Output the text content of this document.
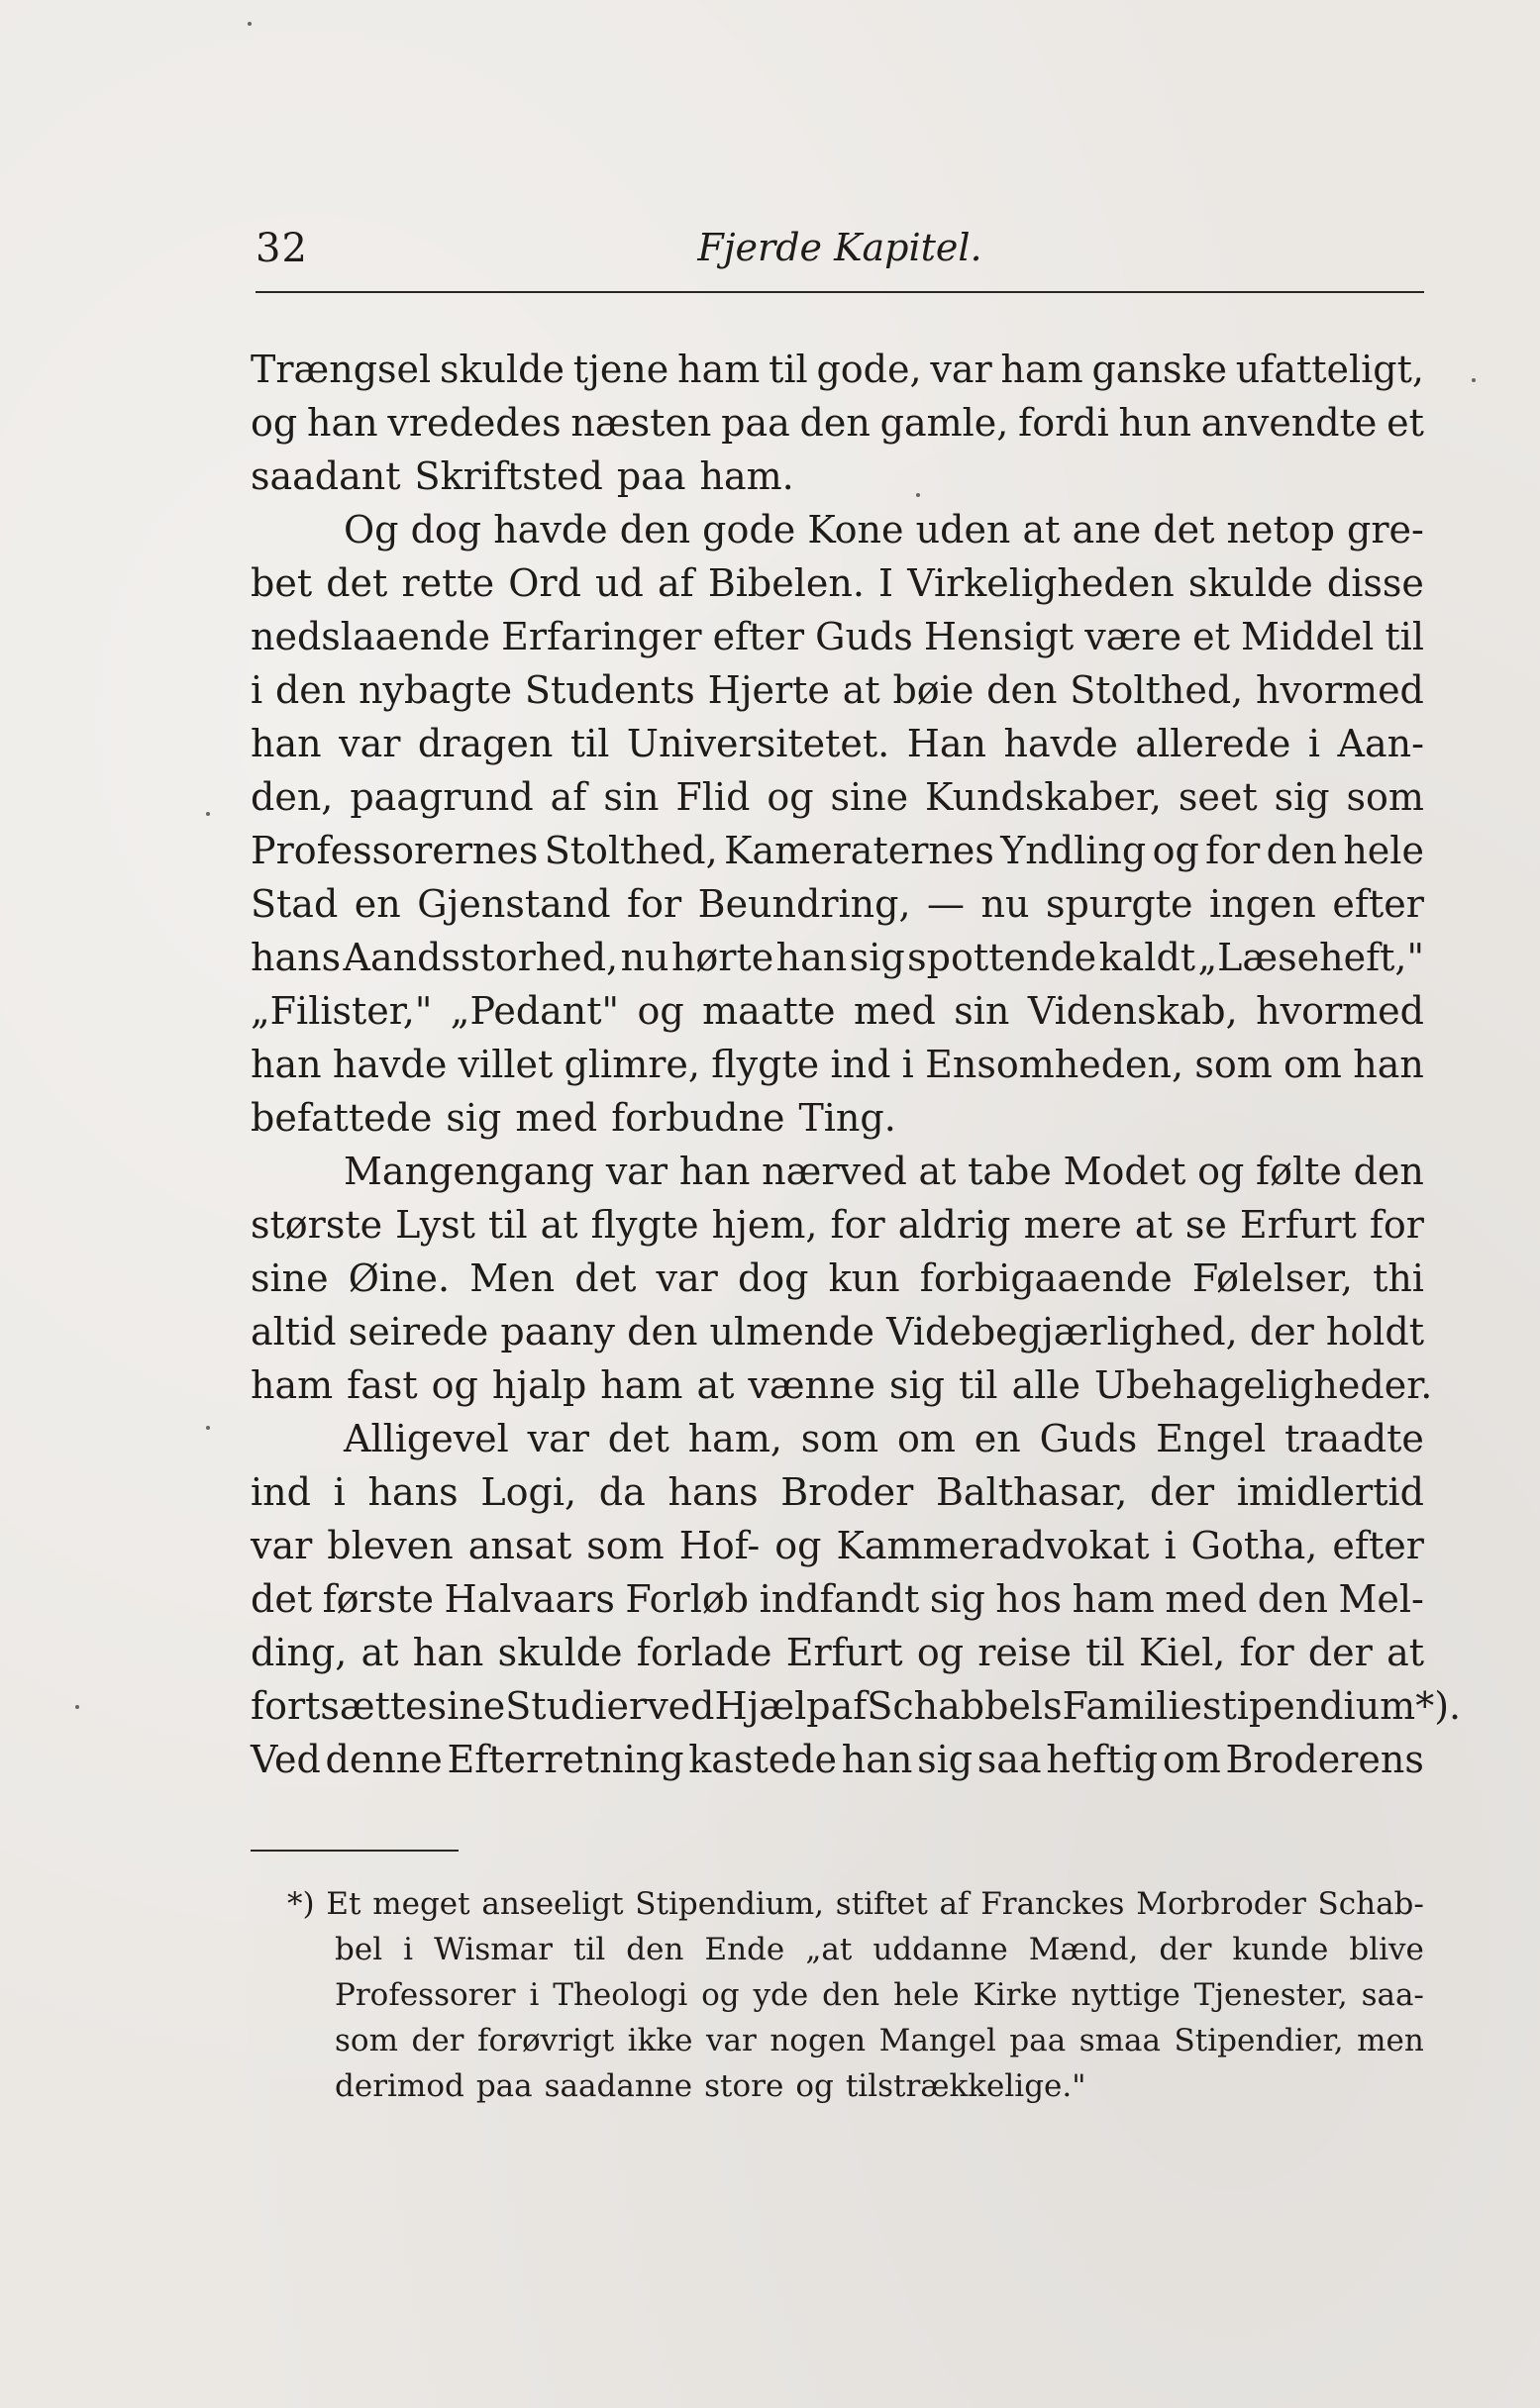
32	Fjerde Kapitel.
Trængsel skulde tjene ham til gode, var ham ganske ufatteligt,
og han vrededes næsten paa den gamle, fordi hun anvendte et
saadant Skriftsted paa ham.
Og dog havde den gode Kone uden at ane det netop gre-
bet det rette Ord ud af Bibelen. I Virkeligheden skulde disse
nedslaaende Erfaringer efter Guds Hensigt være et Middel til
i den nybagte Students Hjerte at bøie den Stolthed, hvormed
han var dragen til Universitetet. Han havde allerede i Aan-
den, paagrund af sin Flid og sine Kundskaber, seet sig som
Professorernes Stolthed, Kameraternes Yndling og for den hele
Stad en Gjenstand for Beundring, — nu spurgte ingen efter
hans Aandsstorhed, nu hørte han sig spottende kaldt „Læseheft,"
„Filister," „Pedant" og maatte med sin Videnskab, hvormed
han havde villet glimre, flygte ind i Ensomheden, som om han
befattede sig med forbudne Ting.
Mangengang var han nærved at tabe Modet og følte den
største Lyst til at flygte hjem, for aldrig mere at se Erfurt for
sine Øine. Men det var dog kun forbigaaende Følelser, thi
altid seirede paany den ulmende Videbegjærlighed, der holdt
ham fast og hjalp ham at vænne sig til alle Ubehageligheder.
Alligevel var det ham, som om en Guds Engel traadte
ind i hans Logi, da hans Broder Balthasar, der imidlertid
var bleven ansat som Hof- og Kammeradvokat i Gotha, efter
det første Halvaars Forløb indfandt sig hos ham med den Mel-
ding, at han skulde forlade Erfurt og reise til Kiel, for der at
fortsætte sine Studier ved Hjælp af Schabbels Familiestipendium*).
Ved denne Efterretning kastede han sig saa heftig om Broderens
*) Et meget anseeligt Stipendium, stiftet af Franckes Morbroder Schab-
bel i Wismar til den Ende „at uddanne Mænd, der kunde blive
Professorer i Theologi og yde den hele Kirke nyttige Tjenester, saa-
som der forøvrigt ikke var nogen Mangel paa smaa Stipendier, men
derimod paa saadanne store og tilstrækkelige."
